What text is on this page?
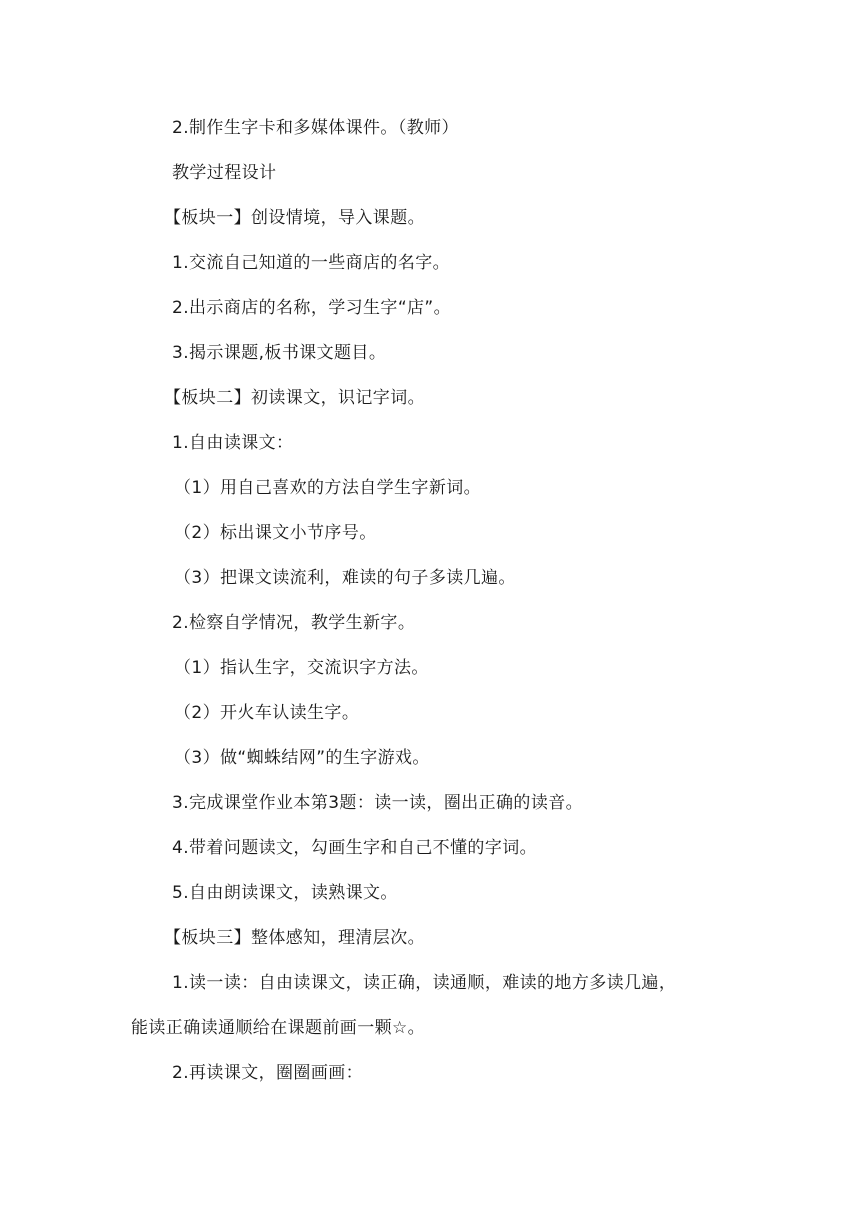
2.制作生字卡和多媒体课件。（教师）
教学过程设计
【板块一】创设情境，导入课题。
1.交流自己知道的一些商店的名字。
2.出示商店的名称，学习生字“店”。
3.揭示课题,板书课文题目。
【板块二】初读课文，识记字词。
1.自由读课文：
（1）用自己喜欢的方法自学生字新词。
（2）标出课文小节序号。
（3）把课文读流利，难读的句子多读几遍。
2.检察自学情况，教学生新字。
（1）指认生字，交流识字方法。
（2）开火车认读生字。
（3）做“蜘蛛结网”的生字游戏。
3.完成课堂作业本第3题：读一读，圈出正确的读音。
4.带着问题读文，勾画生字和自己不懂的字词。
5.自由朗读课文，读熟课文。
【板块三】整体感知，理清层次。
1.读一读：自由读课文，读正确，读通顺，难读的地方多读几遍，
能读正确读通顺给在课题前画一颗☆。
2.再读课文，圈圈画画：
